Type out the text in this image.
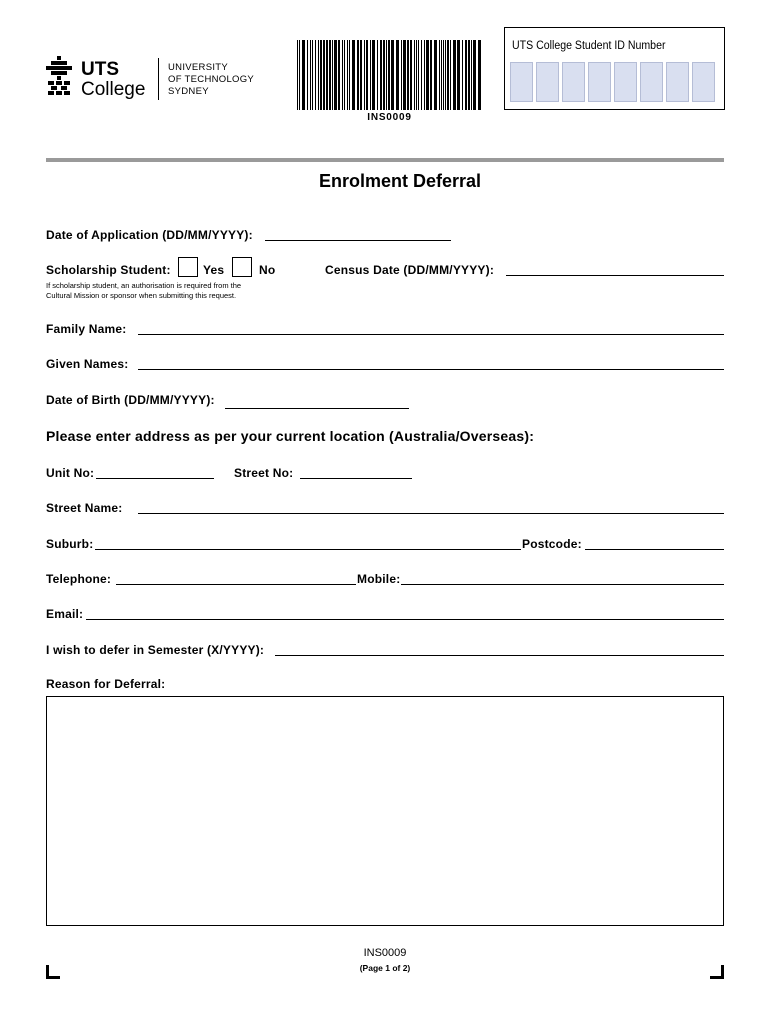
UTS
College
UNIVERSITY
OF TECHNOLOGY
SYDNEY
INS0009
UTS College Student ID Number
Enrolment Deferral
Date of Application (DD/MM/YYYY):
Scholarship Student:	Yes	No
If scholarship student, an authorisation is required from the
Cultural Mission or sponsor when submitting this request.
Census Date (DD/MM/YYYY):
Family Name:
Given Names:
Date of Birth (DD/MM/YYYY):
Please enter address as per your current location (Australia/Overseas):
Unit No:	Street No:
Street Name:
Suburb:	Postcode:
Telephone:	Mobile:
Email:
I wish to defer in Semester (X/YYYY):
Reason for Deferral:
INS0009
(Page 1 of 2)
